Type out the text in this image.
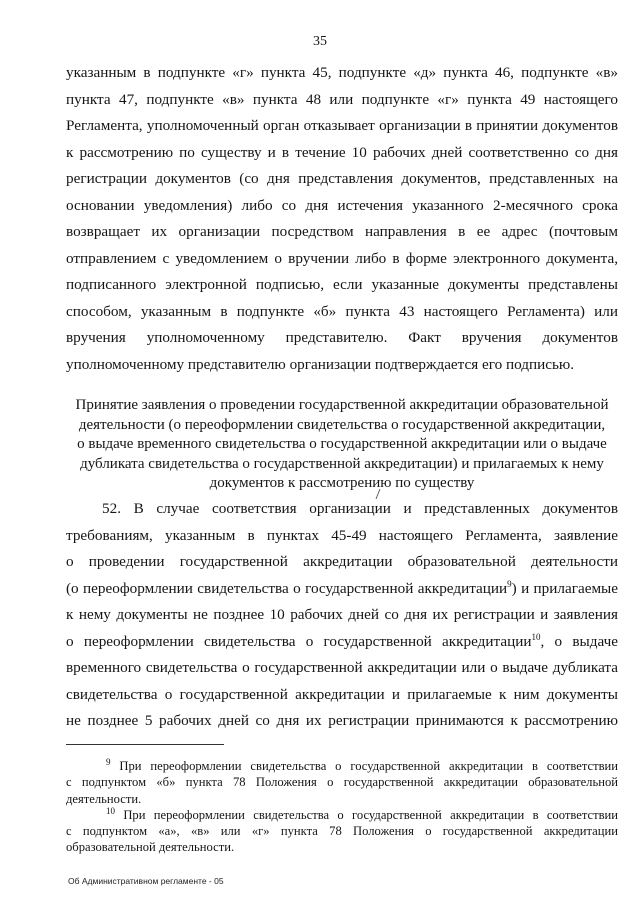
35
указанным в подпункте «г» пункта 45, подпункте «д» пункта 46, подпункте «в»
пункта 47, подпункте «в» пункта 48 или подпункте «г» пункта 49 настоящего
Регламента, уполномоченный орган отказывает организации в принятии документов
к рассмотрению по существу и в течение 10 рабочих дней соответственно со дня
регистрации документов (со дня представления документов, представленных на
основании уведомления) либо со дня истечения указанного 2-месячного срока
возвращает их организации посредством направления в ее адрес (почтовым
отправлением с уведомлением о вручении либо в форме электронного документа,
подписанного электронной подписью, если указанные документы представлены
способом, указанным в подпункте «б» пункта 43 настоящего Регламента) или
вручения уполномоченному представителю. Факт вручения документов
уполномоченному представителю организации подтверждается его подписью.
Принятие заявления о проведении государственной аккредитации образовательной
деятельности (о переоформлении свидетельства о государственной аккредитации,
о выдаче временного свидетельства о государственной аккредитации или о выдаче
дубликата свидетельства о государственной аккредитации) и прилагаемых к нему
документов к рассмотрению по существу
52. В случае соответствия организации и представленных документов
требованиям, указанным в пунктах 45-49 настоящего Регламента, заявление
о проведении государственной аккредитации образовательной деятельности
(о переоформлении свидетельства о государственной аккредитации$^9$) и прилагаемые
к нему документы не позднее 10 рабочих дней со дня их регистрации и заявления
о переоформлении свидетельства о государственной аккредитации$^{10}$, о выдаче
временного свидетельства о государственной аккредитации или о выдаче дубликата
свидетельства о государственной аккредитации и прилагаемые к ним документы
не позднее 5 рабочих дней со дня их регистрации принимаются к рассмотрению
$^9$ При переоформлении свидетельства о государственной аккредитации в соответствии
с подпунктом «б» пункта 78 Положения о государственной аккредитации образовательной
деятельности.
$^{10}$ При переоформлении свидетельства о государственной аккредитации в соответствии
с подпунктом «а», «в» или «г» пункта 78 Положения о государственной аккредитации
образовательной деятельности.
Об Административном регламенте - 05
